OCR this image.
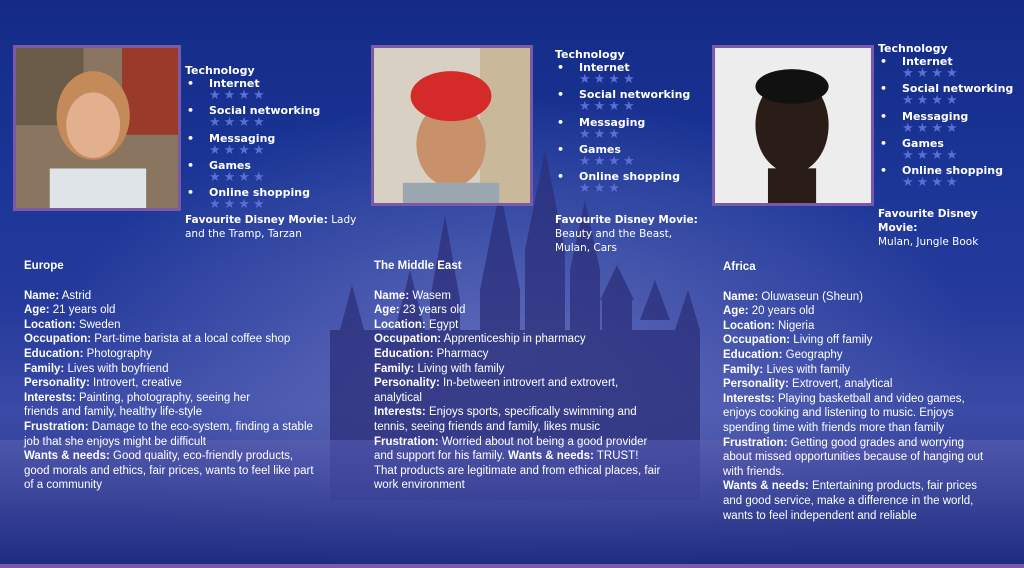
Technology
• Internet
★★★★
• Social networking
★★★★
• Messaging
★★★★
• Games
★★★★
• Online shopping
★★★★
Favourite Disney Movie: Lady and the Tramp, Tarzan
Technology
• Internet
★★★★
• Social networking
★★★★
• Messaging
★★★
• Games
★★★★
• Online shopping
★★★
Favourite Disney Movie:
Beauty and the Beast, Mulan, Cars
Technology
• Internet
★★★★
• Social networking
★★★★
• Messaging
★★★★
• Games
★★★★
• Online shopping
★★★★
Favourite Disney Movie:
Mulan, Jungle Book
Europe

Name: Astrid

Age: 21 years old

Location: Sweden

Occupation: Part-time barista at a local coffee shop

Education: Photography

Family: Lives with boyfriend

Personality: Introvert, creative

Interests: Painting, photography, seeing her friends and family, healthy life-style

Frustration: Damage to the eco-system, finding a stable job that she enjoys might be difficult

Wants & needs: Good quality, eco-friendly products, good morals and ethics, fair prices, wants to feel like part of a community

The Middle East

Name: Wasem

Age: 23 years old

Location: Egypt

Occupation: Apprenticeship in pharmacy

Education: Pharmacy

Family: Living with family

Personality: In-between introvert and extrovert, analytical

Interests: Enjoys sports, specifically swimming and tennis, seeing friends and family, likes music

Frustration: Worried about not being a good provider and support for his family. Wants & needs: TRUST! That products are legitimate and from ethical places, fair work environment

Africa

Name: Oluwaseun (Sheun)

Age: 20 years old

Location: Nigeria

Occupation: Living off family

Education: Geography

Family: Lives with family

Personality: Extrovert, analytical

Interests: Playing basketball and video games, enjoys cooking and listening to music. Enjoys spending time with friends more than family

Frustration: Getting good grades and worrying about missed opportunities because of hanging out with friends.

Wants & needs: Entertaining products, fair prices and good service, make a difference in the world, wants to feel independent and reliable
